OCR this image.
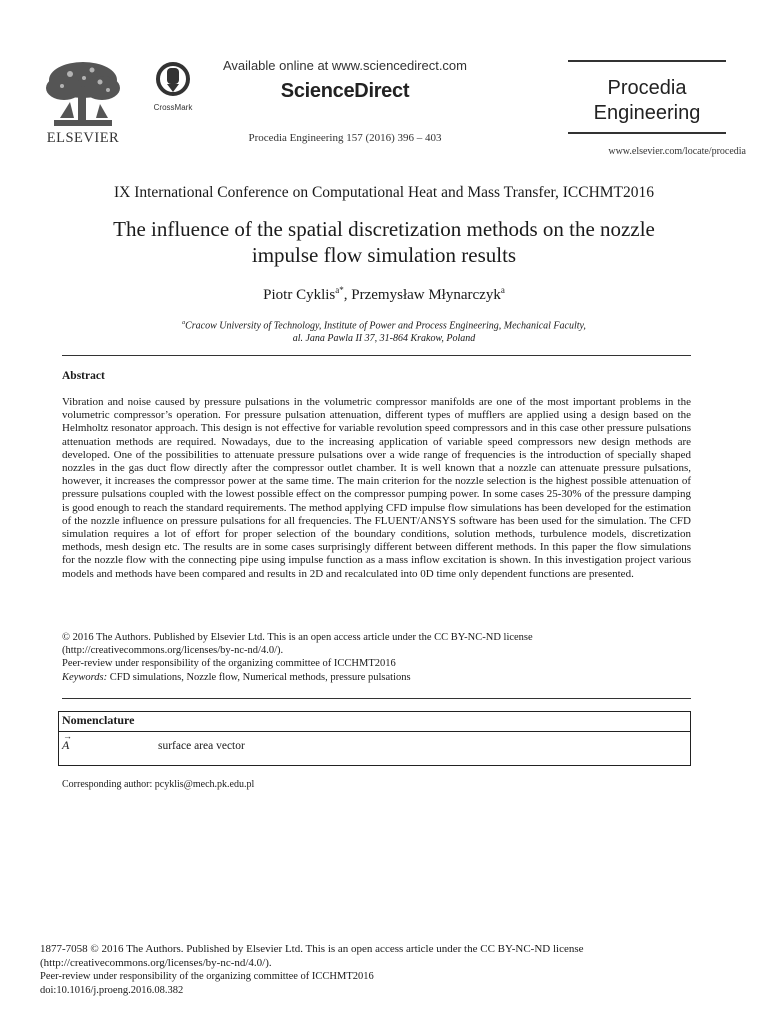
ELSEVIER
CrossMark
Available online at www.sciencedirect.com
ScienceDirect
Procedia Engineering 157 (2016) 396 – 403
Procedia
Engineering
www.elsevier.com/locate/procedia
IX International Conference on Computational Heat and Mass Transfer, ICCHMT2016
The influence of the spatial discretization methods on the nozzle
impulse flow simulation results
Piotr Cyklis$^{a*}$, Przemysław Młynarczyk$^a$
$^a$Cracow University of Technology, Institute of Power and Process Engineering, Mechanical Faculty,
al. Jana Pawla II 37, 31-864 Krakow, Poland
Abstract
Vibration and noise caused by pressure pulsations in the volumetric compressor manifolds are one of the most important problems in the volumetric compressor’s operation. For pressure pulsation attenuation, different types of mufflers are applied using a design based on the Helmholtz resonator approach. This design is not effective for variable revolution speed compressors and in this case other pressure pulsations attenuation methods are required. Nowadays, due to the increasing application of variable speed compressors new design methods are developed. One of the possibilities to attenuate pressure pulsations over a wide range of frequencies is the introduction of specially shaped nozzles in the gas duct flow directly after the compressor outlet chamber. It is well known that a nozzle can attenuate pressure pulsations, however, it increases the compressor power at the same time. The main criterion for the nozzle selection is the highest possible attenuation of pressure pulsations coupled with the lowest possible effect on the compressor pumping power. In some cases 25-30% of the pressure damping is good enough to reach the standard requirements. The method applying CFD impulse flow simulations has been developed for the estimation of the nozzle influence on pressure pulsations for all frequencies. The FLUENT/ANSYS software has been used for the simulation. The CFD simulation requires a lot of effort for proper selection of the boundary conditions, solution methods, turbulence models, discretization methods, mesh design etc. The results are in some cases surprisingly different between different methods. In this paper the flow simulations for the nozzle flow with the connecting pipe using impulse function as a mass inflow excitation is shown. In this investigation project various models and methods have been compared and results in 2D and recalculated into 0D time only dependent functions are presented.
© 2016 The Authors. Published by Elsevier Ltd. This is an open access article under the CC BY-NC-ND license
(http://creativecommons.org/licenses/by-nc-nd/4.0/).
Peer-review under responsibility of the organizing committee of ICCHMT2016
Keywords: CFD simulations, Nozzle flow, Numerical methods, pressure pulsations
Nomenclature
→
A	surface area vector
Corresponding author: pcyklis@mech.pk.edu.pl
1877-7058 © 2016 The Authors. Published by Elsevier Ltd. This is an open access article under the CC BY-NC-ND license
(http://creativecommons.org/licenses/by-nc-nd/4.0/).
Peer-review under responsibility of the organizing committee of ICCHMT2016
doi:10.1016/j.proeng.2016.08.382
